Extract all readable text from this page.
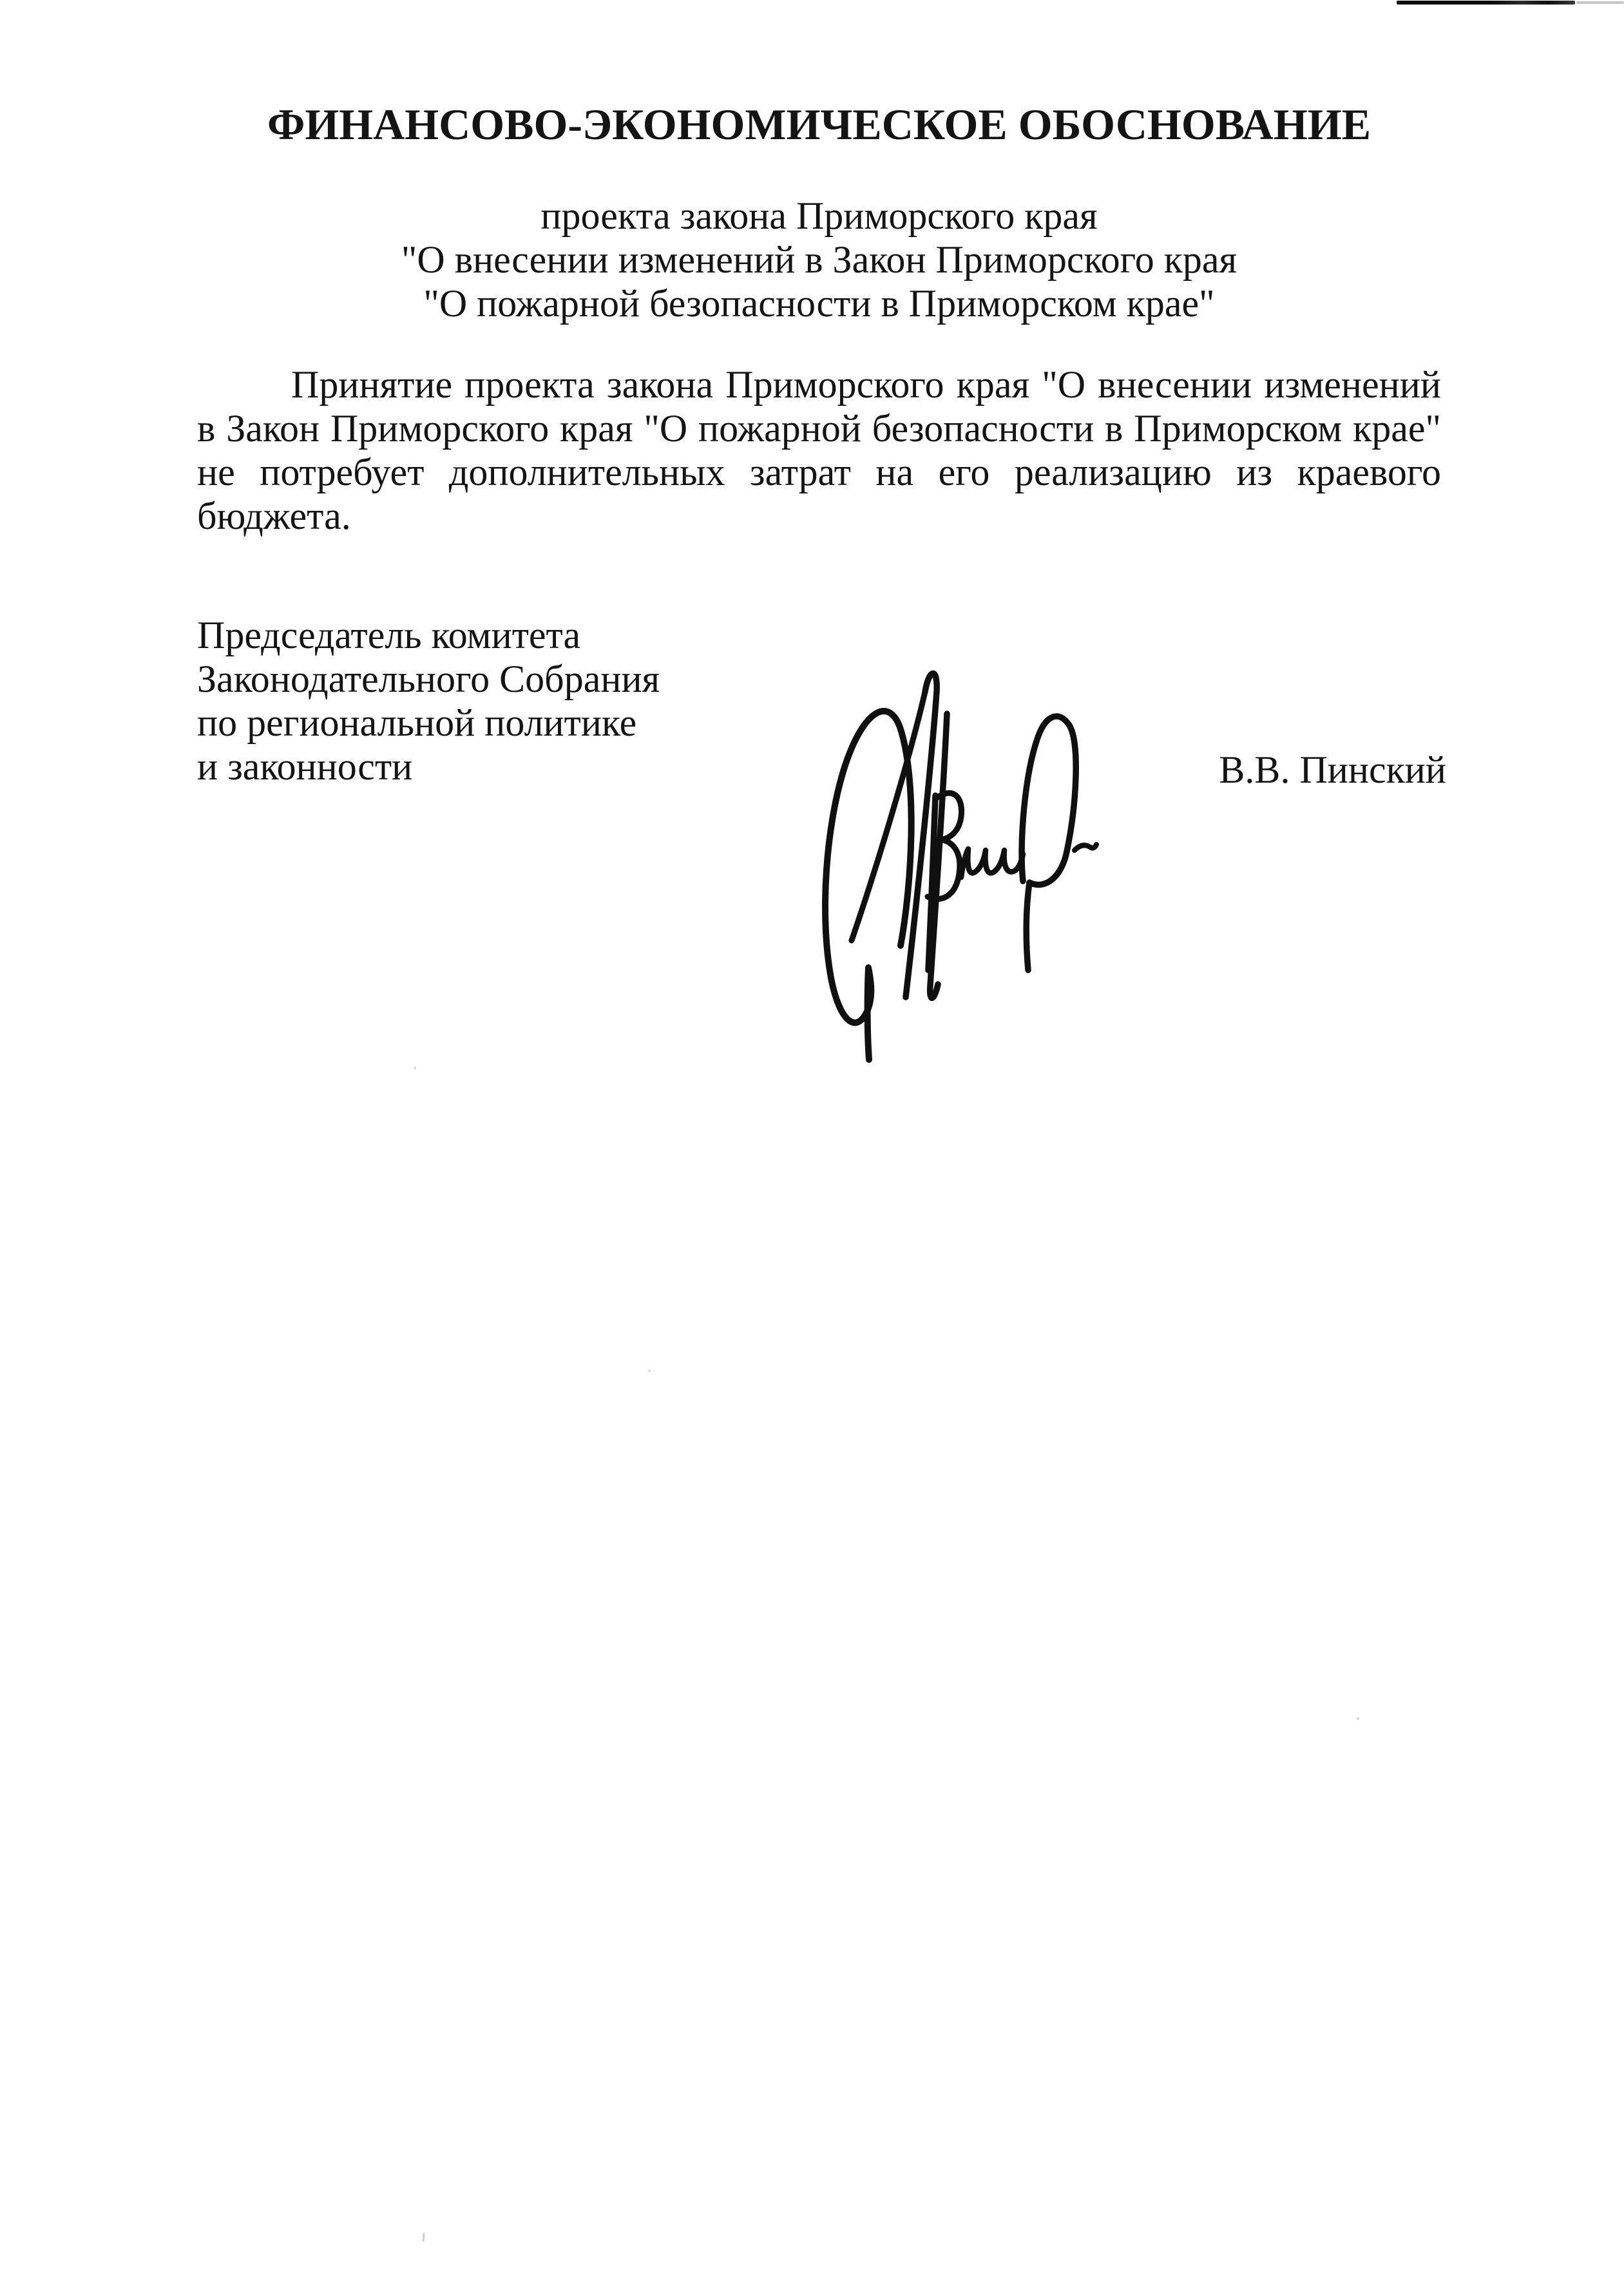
ФИНАНСОВО-ЭКОНОМИЧЕСКОЕ ОБОСНОВАНИЕ
проекта закона Приморского края
"О внесении изменений в Закон Приморского края
"О пожарной безопасности в Приморском крае"

Принятие проекта закона Приморского края "О внесении изменений в Закон Приморского края "О пожарной безопасности в Приморском крае" не потребует дополнительных затрат на его реализацию из краевого бюджета.

Председатель комитета
Законодательного Собрания
по региональной политике
и законности	В.В. Пинский
